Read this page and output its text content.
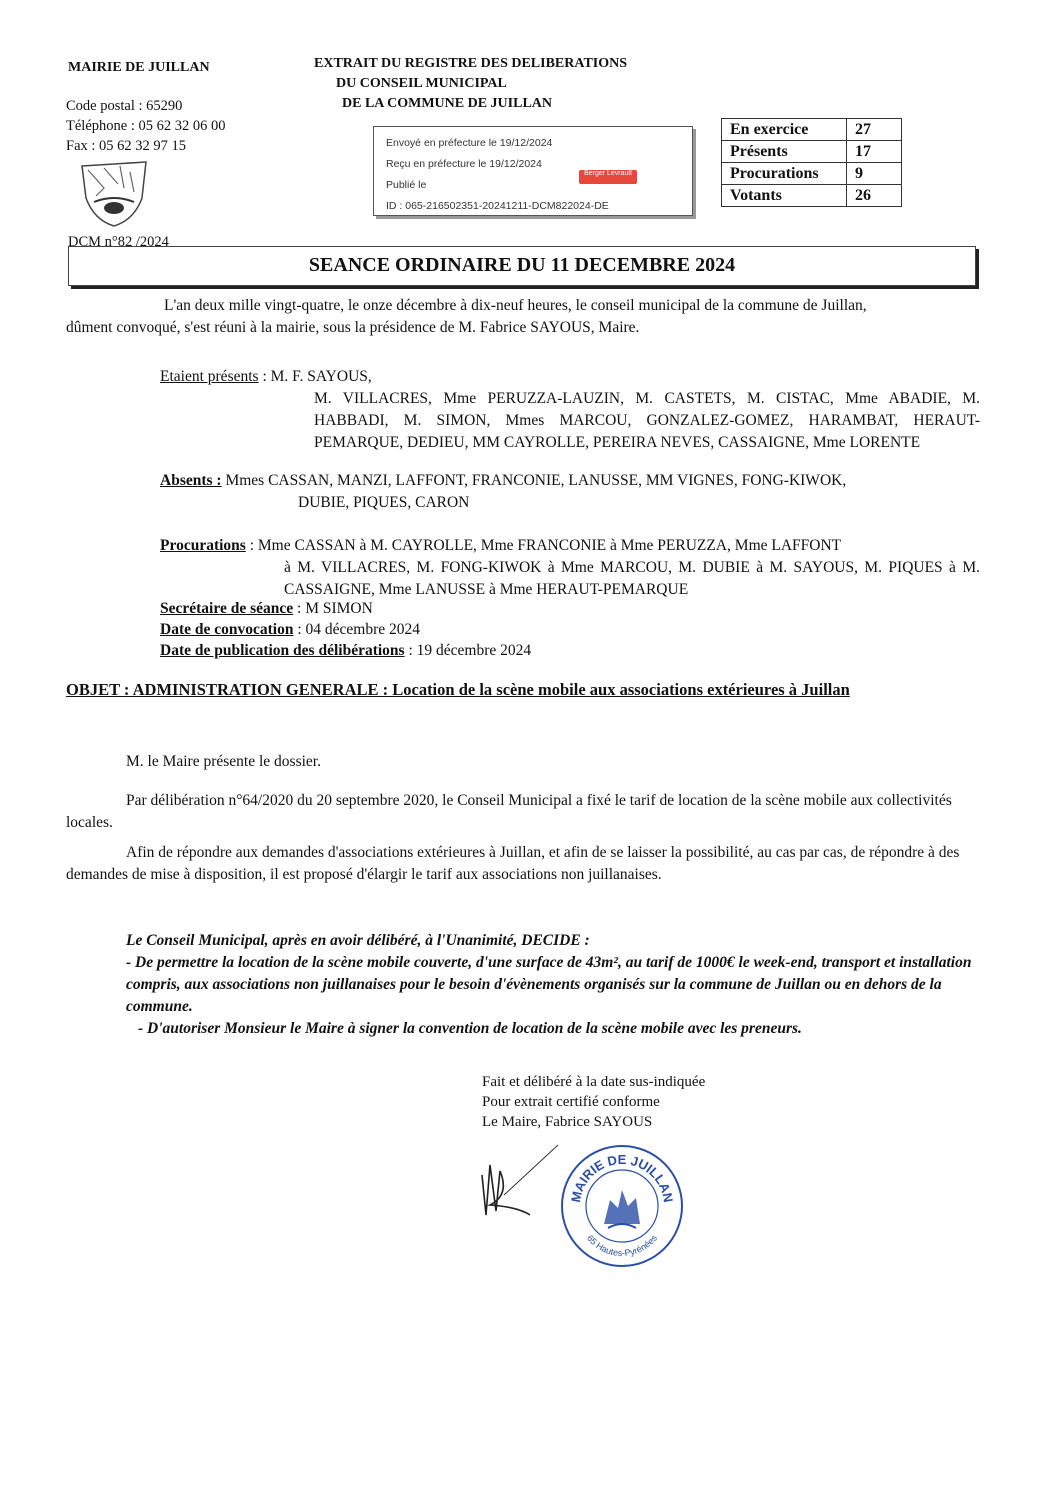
MAIRIE DE JUILLAN
Code postal : 65290
Téléphone : 05 62 32 06 00
Fax : 05 62 32 97 15
DCM n°82 /2024
EXTRAIT DU REGISTRE DES DELIBERATIONS
DU CONSEIL MUNICIPAL
DE LA COMMUNE DE JUILLAN
Envoyé en préfecture le 19/12/2024
Reçu en préfecture le 19/12/2024
Publié le
ID : 065-216502351-20241211-DCM822024-DE
Berger Levrault
En exercice	27
Présents	17
Procurations	9
Votants	26
SEANCE ORDINAIRE DU 11 DECEMBRE 2024
L'an deux mille vingt-quatre, le onze décembre à dix-neuf heures, le conseil municipal de la commune de Juillan,
dûment convoqué, s'est réuni à la mairie, sous la présidence de M. Fabrice SAYOUS, Maire.
Etaient présents : M. F. SAYOUS,
M. VILLACRES, Mme PERUZZA-LAUZIN, M. CASTETS, M. CISTAC, Mme ABADIE, M. HABBADI, M. SIMON, Mmes MARCOU, GONZALEZ-GOMEZ, HARAMBAT, HERAUT-PEMARQUE, DEDIEU, MM CAYROLLE, PEREIRA NEVES, CASSAIGNE, Mme LORENTE
Absents : Mmes CASSAN, MANZI, LAFFONT, FRANCONIE, LANUSSE, MM VIGNES, FONG-KIWOK,
DUBIE, PIQUES, CARON
Procurations : Mme CASSAN à M. CAYROLLE, Mme FRANCONIE à Mme PERUZZA, Mme LAFFONT
à M. VILLACRES, M. FONG-KIWOK à Mme MARCOU, M. DUBIE à M. SAYOUS, M. PIQUES à M. CASSAIGNE, Mme LANUSSE à Mme HERAUT-PEMARQUE
Secrétaire de séance : M SIMON
Date de convocation : 04 décembre 2024
Date de publication des délibérations : 19 décembre 2024
OBJET : ADMINISTRATION GENERALE : Location de la scène mobile aux associations extérieures à Juillan
M. le Maire présente le dossier.
Par délibération n°64/2020 du 20 septembre 2020, le Conseil Municipal a fixé le tarif de location de la scène mobile aux collectivités locales.
Afin de répondre aux demandes d'associations extérieures à Juillan, et afin de se laisser la possibilité, au cas par cas, de répondre à des demandes de mise à disposition, il est proposé d'élargir le tarif aux associations non juillanaises.
Le Conseil Municipal, après en avoir délibéré, à l'Unanimité, DECIDE :
- De permettre la location de la scène mobile couverte, d'une surface de 43m², au tarif de 1000€ le week-end, transport et installation compris, aux associations non juillanaises pour le besoin d'évènements organisés sur la commune de Juillan ou en dehors de la commune.
- D'autoriser Monsieur le Maire à signer la convention de location de la scène mobile avec les preneurs.
Fait et délibéré à la date sus-indiquée
Pour extrait certifié conforme
Le Maire, Fabrice SAYOUS
MAIRIE DE JUILLAN
65 Hautes-Pyrénées
